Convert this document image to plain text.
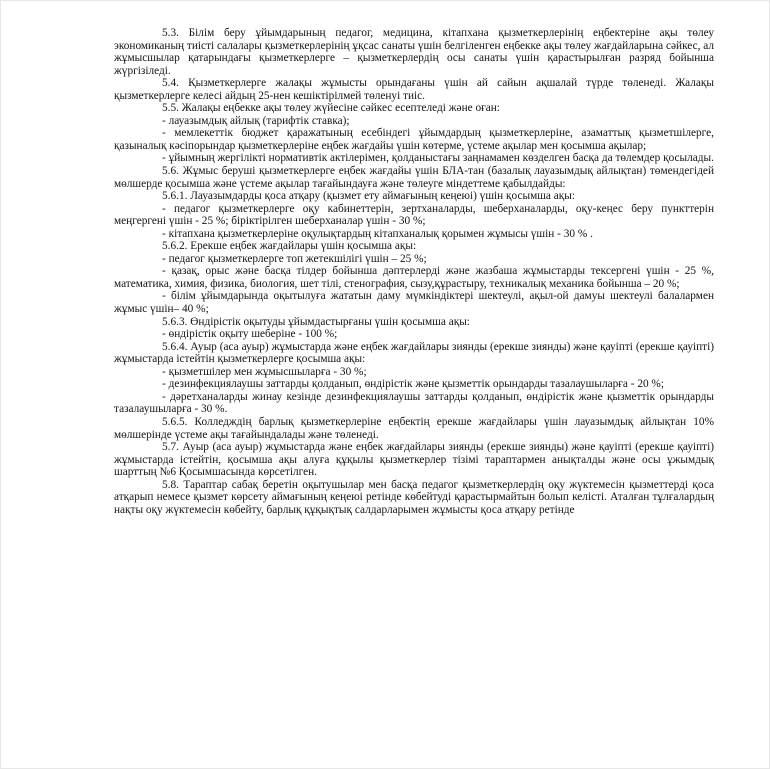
5.3. Білім беру ұйымдарының педагог, медицина, кітапхана қызметкерлерінің еңбектеріне ақы төлеу экономиканың тиісті салалары қызметкерлерінің ұқсас санаты үшін белгіленген еңбекке ақы төлеу жағдайларына сәйкес, ал жұмысшылар қатарындағы қызметкерлерге – қызметкерлердің осы санаты үшін қарастырылған разряд бойынша жүргізіледі.

5.4. Қызметкерлерге жалақы жұмысты орындағаны үшін ай сайын ақшалай түрде төленеді. Жалақы қызметкерлерге келесі айдың 25-нен кешіктірілмей төленуі тиіс.

5.5. Жалақы еңбекке ақы төлеу жүйесіне сәйкес есептеледі және оған:

- лауазымдық айлық (тарифтік ставка);

- мемлекеттік бюджет қаражатының есебіндегі ұйымдардың қызметкерлеріне, азаматтық қызметшілерге, қазыналық кәсіпорындар қызметкерлеріне еңбек жағдайы үшін көтерме, үстеме ақылар мен қосымша ақылар;

- ұйымның жергілікті нормативтік актілерімен, қолданыстағы заңнамамен көзделген басқа да төлемдер қосылады.

5.6. Жұмыс беруші қызметкерлерге еңбек жағдайы үшін БЛА-тан (базалық лауазымдық айлықтан) төмендегідей мөлшерде қосымша және үстеме ақылар тағайындауға және төлеуге міндеттеме қабылдайды:

5.6.1. Лауазымдарды қоса атқару (қызмет ету аймағының кеңеюі) үшін қосымша ақы:

- педагог қызметкерлерге оқу кабинеттерін, зертханаларды, шеберханаларды, оқу-кеңес беру пункттерін меңгергені үшін - 25 %; біріктірілген шеберханалар үшін - 30 %;

- кітапхана қызметкерлеріне оқулықтардың кітапханалық қорымен жұмысы үшін - 30 % .

5.6.2. Ерекше еңбек жағдайлары үшін қосымша ақы:

- педагог қызметкерлерге топ жетекшілігі үшін – 25 %;

- қазақ, орыс және басқа тілдер бойынша дәптерлерді және жазбаша жұмыстарды тексергені үшін - 25 %, математика, химия, физика, биология, шет тілі, стенография, сызу,құрастыру, техникалық механика бойынша – 20 %;

- білім ұйымдарында оқытылуға жататын даму мүмкіндіктері шектеулі, ақыл-ой дамуы шектеулі балалармен жұмыс үшін– 40 %;

5.6.3. Өндірістік оқытуды ұйымдастырғаны үшін қосымша ақы:

- өндірістік оқыту шеберіне - 100 %;

5.6.4. Ауыр (аса ауыр) жұмыстарда және еңбек жағдайлары зиянды (ерекше зиянды) және қауіпті (ерекше қауіпті) жұмыстарда істейтін қызметкерлерге қосымша ақы:

- қызметшілер мен жұмысшыларға - 30 %;

- дезинфекциялаушы заттарды қолданып, өндірістік және қызметтік орындарды тазалаушыларға - 20 %;

- дәретханаларды жинау кезінде дезинфекциялаушы заттарды қолданып, өндірістік және қызметтік орындарды тазалаушыларға - 30 %.

5.6.5. Колледждің барлық қызметкерлеріне еңбектің ерекше жағдайлары үшін лауазымдық айлықтан 10% мөлшерінде үстеме ақы тағайындалады және төленеді.

5.7. Ауыр (аса ауыр) жұмыстарда және еңбек жағдайлары зиянды (ерекше зиянды) және қауіпті (ерекше қауіпті) жұмыстарда істейтін, қосымша ақы алуға құқылы қызметкерлер тізімі тараптармен анықталды және осы ұжымдық шарттың №6 Қосымшасында көрсетілген.

5.8. Тараптар сабақ беретін оқытушылар мен басқа педагог қызметкерлердің оқу жүктемесін қызметтерді қоса атқарып немесе қызмет көрсету аймағының кеңеюі ретінде көбейтуді қарастырмайтын болып келісті. Аталған тұлғалардың нақты оқу жүктемесін көбейту, барлық құқықтық салдарларымен жұмысты қоса атқару ретінде
